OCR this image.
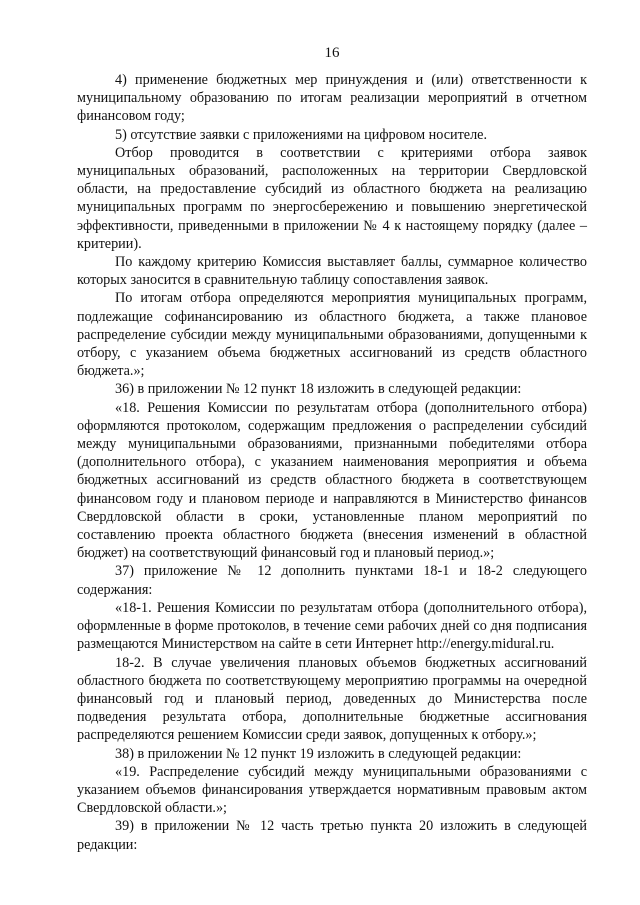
16

4) применение бюджетных мер принуждения и (или) ответственности к муниципальному образованию по итогам реализации мероприятий в отчетном финансовом году;

5) отсутствие заявки с приложениями на цифровом носителе.

Отбор проводится в соответствии с критериями отбора заявок муниципальных образований, расположенных на территории Свердловской области, на предоставление субсидий из областного бюджета на реализацию муниципальных программ по энергосбережению и повышению энергетической эффективности, приведенными в приложении № 4 к настоящему порядку (далее – критерии).

По каждому критерию Комиссия выставляет баллы, суммарное количество которых заносится в сравнительную таблицу сопоставления заявок.

По итогам отбора определяются мероприятия муниципальных программ, подлежащие софинансированию из областного бюджета, а также плановое распределение субсидии между муниципальными образованиями, допущенными к отбору, с указанием объема бюджетных ассигнований из средств областного бюджета.»;

36) в приложении № 12 пункт 18 изложить в следующей редакции:

«18. Решения Комиссии по результатам отбора (дополнительного отбора) оформляются протоколом, содержащим предложения о распределении субсидий между муниципальными образованиями, признанными победителями отбора (дополнительного отбора), с указанием наименования мероприятия и объема бюджетных ассигнований из средств областного бюджета в соответствующем финансовом году и плановом периоде и направляются в Министерство финансов Свердловской области в сроки, установленные планом мероприятий по составлению проекта областного бюджета (внесения изменений в областной бюджет) на соответствующий финансовый год и плановый период.»;

37) приложение № 12 дополнить пунктами 18-1 и 18-2 следующего содержания:

«18-1. Решения Комиссии по результатам отбора (дополнительного отбора), оформленные в форме протоколов, в течение семи рабочих дней со дня подписания размещаются Министерством на сайте в сети Интернет http://energy.midural.ru.

18-2. В случае увеличения плановых объемов бюджетных ассигнований областного бюджета по соответствующему мероприятию программы на очередной финансовый год и плановый период, доведенных до Министерства после подведения результата отбора, дополнительные бюджетные ассигнования распределяются решением Комиссии среди заявок, допущенных к отбору.»;

38) в приложении № 12 пункт 19 изложить в следующей редакции:

«19. Распределение субсидий между муниципальными образованиями с указанием объемов финансирования утверждается нормативным правовым актом Свердловской области.»;

39) в приложении № 12 часть третью пункта 20 изложить в следующей редакции:
